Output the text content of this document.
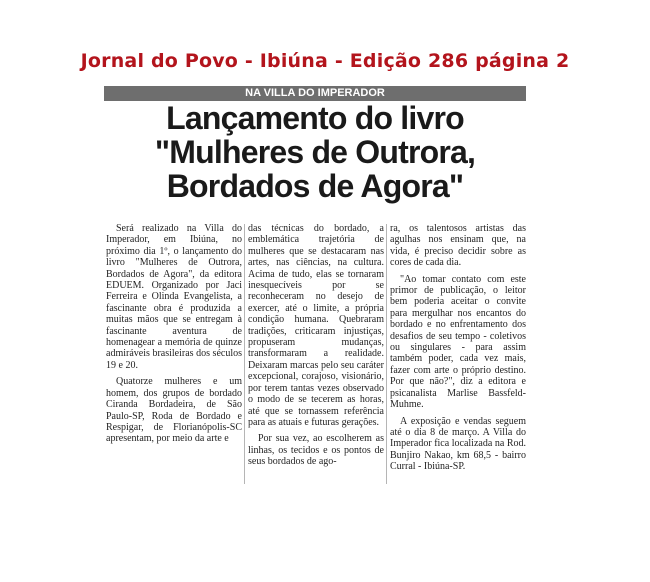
Jornal do Povo - Ibiúna - Edição 286 página 2
NA VILLA DO IMPERADOR
Lançamento do livro
"Mulheres de Outrora,
Bordados de Agora"

Será realizado na Villa do Imperador, em Ibiúna, no próximo dia 1º, o lançamento do livro "Mulheres de Outrora, Bordados de Agora", da editora EDUEM. Organizado por Jaci Ferreira e Olinda Evangelista, a fascinante obra é produzida a muitas mãos que se entregam à fascinante aventura de homenagear a memória de quinze admiráveis brasileiras dos séculos 19 e 20.

Quatorze mulheres e um homem, dos grupos de bordado Ciranda Bordadeira, de São Paulo-SP, Roda de Bordado e Respigar, de Florianópolis-SC apresentam, por meio da arte e

das técnicas do bordado, a emblemática trajetória de mulheres que se destacaram nas artes, nas ciências, na cultura. Acima de tudo, elas se tornaram inesquecíveis por se reconheceram no desejo de exercer, até o limite, a própria condição humana. Quebraram tradições, criticaram injustiças, propuseram mudanças, transformaram a realidade. Deixaram marcas pelo seu caráter excepcional, corajoso, visionário, por terem tantas vezes observado o modo de se tecerem as horas, até que se tornassem referência para as atuais e futuras gerações.

Por sua vez, ao escolherem as linhas, os tecidos e os pontos de seus bordados de ago-

ra, os talentosos artistas das agulhas nos ensinam que, na vida, é preciso decidir sobre as cores de cada dia.

"Ao tomar contato com este primor de publicação, o leitor bem poderia aceitar o convite para mergulhar nos encantos do bordado e no enfrentamento dos desafios de seu tempo - coletivos ou singulares - para assim também poder, cada vez mais, fazer com arte o próprio destino. Por que não?", diz a editora e psicanalista Marlise Bassfeld-Muhme.

A exposição e vendas seguem até o dia 8 de março. A Villa do Imperador fica localizada na Rod. Bunjiro Nakao, km 68,5 - bairro Curral - Ibiúna-SP.
